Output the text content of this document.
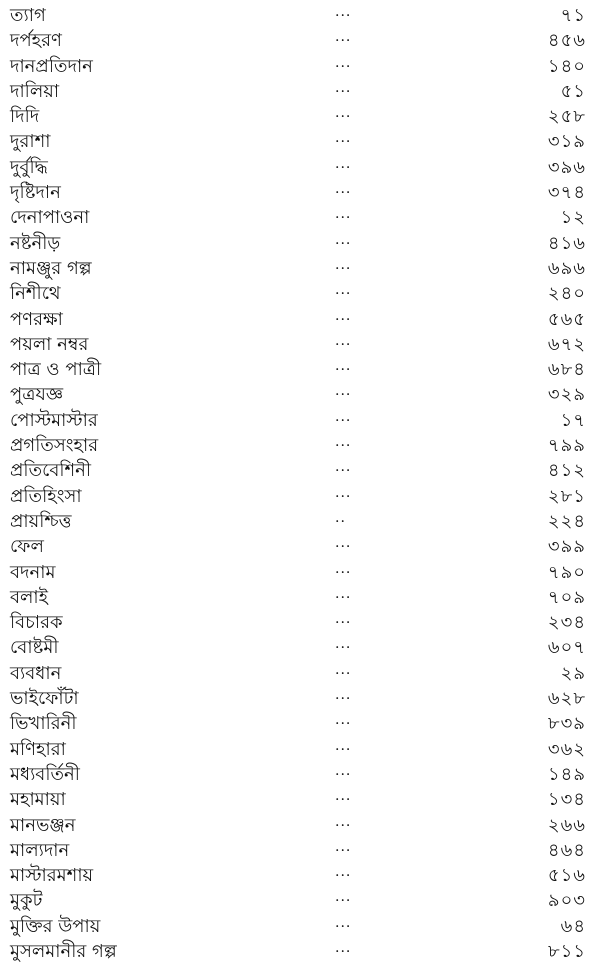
ত্যাগ	...	৭১
দর্পহরণ	...	৪৫৬
দানপ্রতিদান	...	১৪০
দালিয়া	...	৫১
দিদি	...	২৫৮
দুরাশা	...	৩১৯
দুর্বুদ্ধি	...	৩৯৬
দৃষ্টিদান	...	৩৭৪
দেনাপাওনা	...	১২
নষ্টনীড়	...	৪১৬
নামঞ্জুর গল্প	...	৬৯৬
নিশীথে	...	২৪০
পণরক্ষা	...	৫৬৫
পয়লা নম্বর	...	৬৭২
পাত্র ও পাত্রী	...	৬৮৪
পুত্রযজ্ঞ	...	৩২৯
পোস্টমাস্টার	...	১৭
প্রগতিসংহার	...	৭৯৯
প্রতিবেশিনী	...	৪১২
প্রতিহিংসা	...	২৮১
প্রায়শ্চিত্ত	..	২২৪
ফেল	...	৩৯৯
বদনাম	...	৭৯০
বলাই	...	৭০৯
বিচারক	...	২৩৪
বোষ্টমী	...	৬০৭
ব্যবধান	...	২৯
ভাইফোঁটা	...	৬২৮
ভিখারিনী	...	৮৩৯
মণিহারা	...	৩৬২
মধ্যবর্তিনী	...	১৪৯
মহামায়া	...	১৩৪
মানভঞ্জন	...	২৬৬
মাল্যদান	...	৪৬৪
মাস্টারমশায়	...	৫১৬
মুকুট	...	৯০৩
মুক্তির উপায়	...	৬৪
মুসলমানীর গল্প	...	৮১১
